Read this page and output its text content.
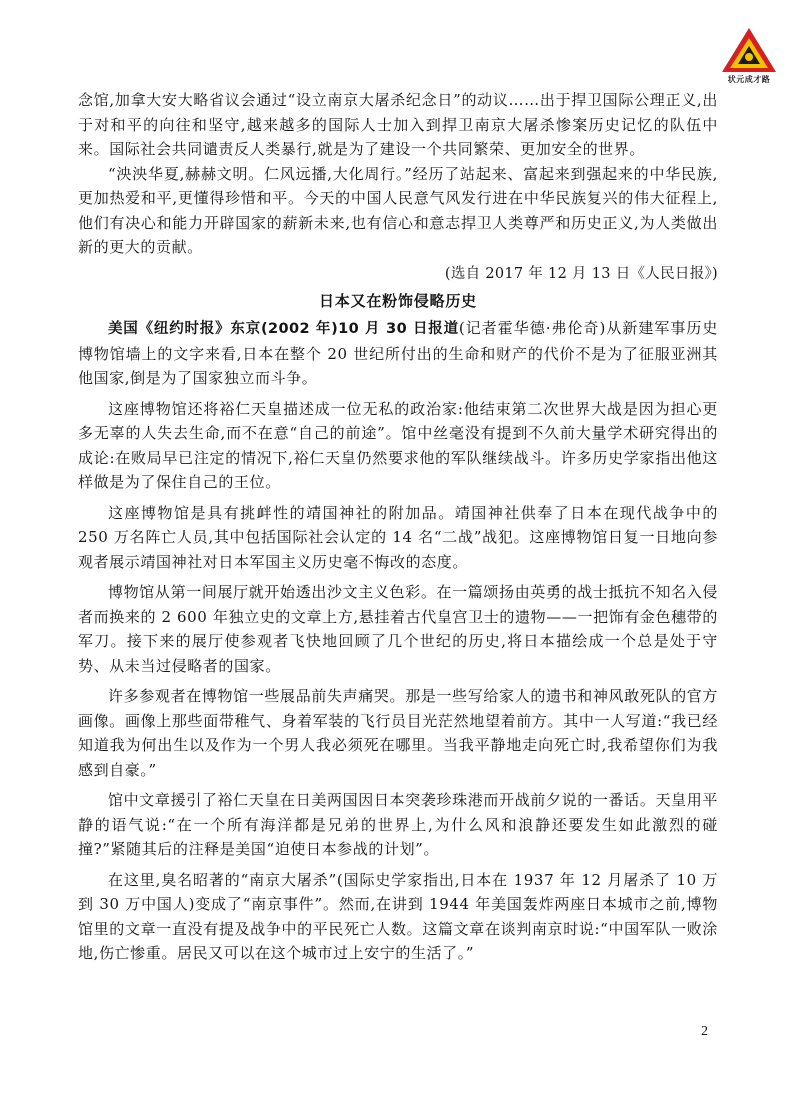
状元成才路

念馆,加拿大安大略省议会通过“设立南京大屠杀纪念日”的动议……出于捍卫国际公理正义,出于对和平的向往和坚守,越来越多的国际人士加入到捍卫南京大屠杀惨案历史记忆的队伍中来。国际社会共同谴责反人类暴行,就是为了建设一个共同繁荣、更加安全的世界。

“泱泱华夏,赫赫文明。仁风远播,大化周行。”经历了站起来、富起来到强起来的中华民族,更加热爱和平,更懂得珍惜和平。今天的中国人民意气风发行进在中华民族复兴的伟大征程上,他们有决心和能力开辟国家的薪新未来,也有信心和意志捍卫人类尊严和历史正义,为人类做出新的更大的贡献。

(选自 2017 年 12 月 13 日《人民日报》)
日本又在粉饰侵略历史

美国《纽约时报》东京(2002 年)10 月 30 日报道(记者霍华德·弗伦奇)从新建军事历史博物馆墙上的文字来看,日本在整个 20 世纪所付出的生命和财产的代价不是为了征服亚洲其他国家,倒是为了国家独立而斗争。

这座博物馆还将裕仁天皇描述成一位无私的政治家:他结束第二次世界大战是因为担心更多无辜的人失去生命,而不在意“自己的前途”。馆中丝毫没有提到不久前大量学术研究得出的成论:在败局早已注定的情况下,裕仁天皇仍然要求他的军队继续战斗。许多历史学家指出他这样做是为了保住自己的王位。

这座博物馆是具有挑衅性的靖国神社的附加品。靖国神社供奉了日本在现代战争中的 250 万名阵亡人员,其中包括国际社会认定的 14 名“二战”战犯。这座博物馆日复一日地向参观者展示靖国神社对日本军国主义历史毫不悔改的态度。

博物馆从第一间展厅就开始透出沙文主义色彩。在一篇颂扬由英勇的战士抵抗不知名入侵者而换来的 2 600 年独立史的文章上方,悬挂着古代皇宫卫士的遗物——一把饰有金色穗带的军刀。接下来的展厅使参观者飞快地回顾了几个世纪的历史,将日本描绘成一个总是处于守势、从未当过侵略者的国家。

许多参观者在博物馆一些展品前失声痛哭。那是一些写给家人的遗书和神风敢死队的官方画像。画像上那些面带稚气、身着军装的飞行员目光茫然地望着前方。其中一人写道:“我已经知道我为何出生以及作为一个男人我必须死在哪里。当我平静地走向死亡时,我希望你们为我感到自豪。”

馆中文章援引了裕仁天皇在日美两国因日本突袭珍珠港而开战前夕说的一番话。天皇用平静的语气说:“在一个所有海洋都是兄弟的世界上,为什么风和浪静还要发生如此激烈的碰撞?”紧随其后的注释是美国“迫使日本参战的计划”。

在这里,臭名昭著的“南京大屠杀”(国际史学家指出,日本在 1937 年 12 月屠杀了 10 万到 30 万中国人)变成了“南京事件”。然而,在讲到 1944 年美国轰炸两座日本城市之前,博物馆里的文章一直没有提及战争中的平民死亡人数。这篇文章在谈判南京时说:“中国军队一败涂地,伤亡惨重。居民又可以在这个城市过上安宁的生活了。”

2
